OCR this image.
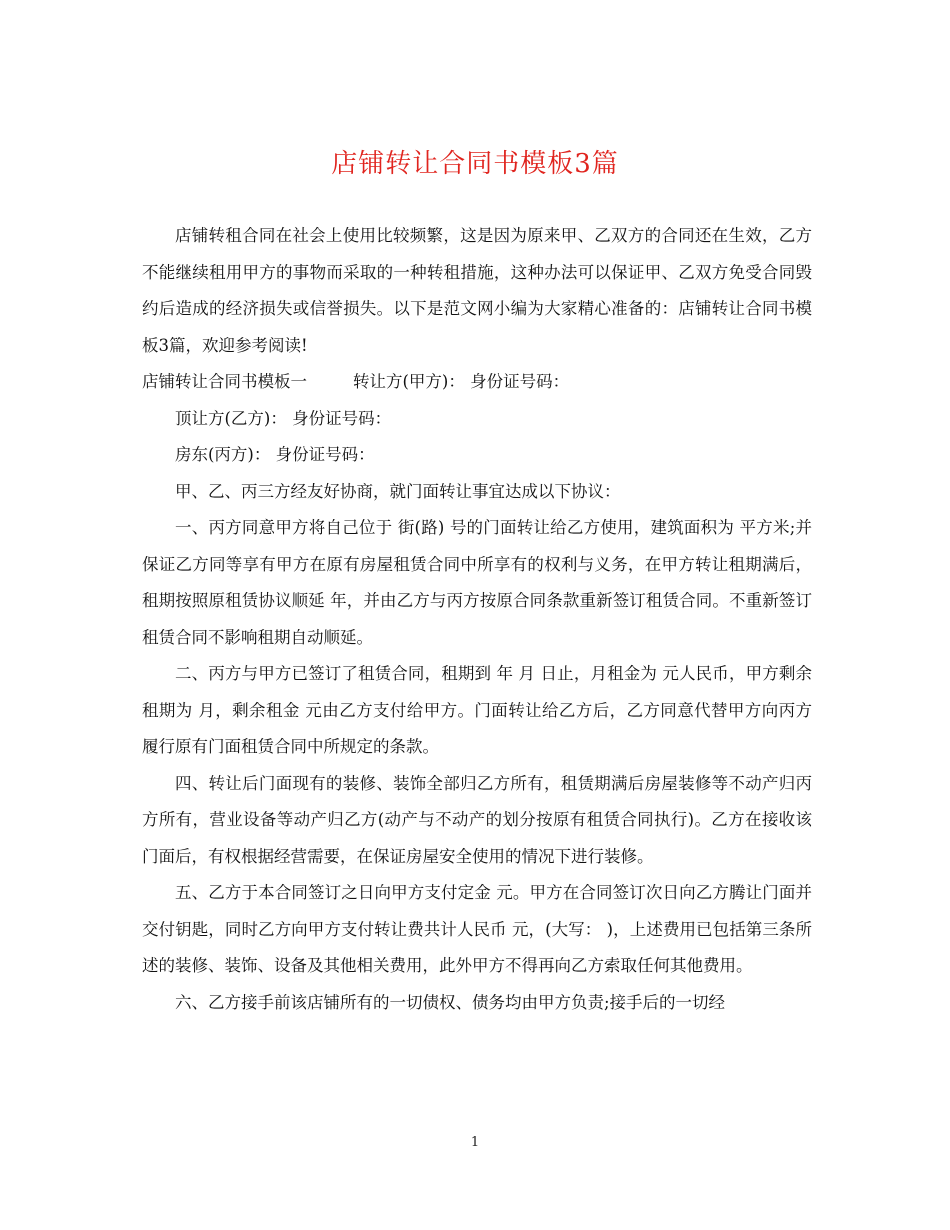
店铺转让合同书模板3篇

店铺转租合同在社会上使用比较频繁，这是因为原来甲、乙双方的合同还在生效，乙方不能继续租用甲方的事物而采取的一种转租措施，这种办法可以保证甲、乙双方免受合同毁约后造成的经济损失或信誉损失。以下是范文网小编为大家精心准备的：店铺转让合同书模板3篇，欢迎参考阅读!

店铺转让合同书模板一	转让方(甲方)： 身份证号码：

顶让方(乙方)： 身份证号码：

房东(丙方)： 身份证号码：

甲、乙、丙三方经友好协商，就门面转让事宜达成以下协议：

一、丙方同意甲方将自己位于 街(路) 号的门面转让给乙方使用，建筑面积为 平方米;并保证乙方同等享有甲方在原有房屋租赁合同中所享有的权利与义务，在甲方转让租期满后，租期按照原租赁协议顺延 年，并由乙方与丙方按原合同条款重新签订租赁合同。不重新签订租赁合同不影响租期自动顺延。

二、丙方与甲方已签订了租赁合同，租期到 年 月 日止，月租金为 元人民币，甲方剩余租期为 月，剩余租金 元由乙方支付给甲方。门面转让给乙方后，乙方同意代替甲方向丙方履行原有门面租赁合同中所规定的条款。

四、转让后门面现有的装修、装饰全部归乙方所有，租赁期满后房屋装修等不动产归丙方所有，营业设备等动产归乙方(动产与不动产的划分按原有租赁合同执行)。乙方在接收该门面后，有权根据经营需要，在保证房屋安全使用的情况下进行装修。

五、乙方于本合同签订之日向甲方支付定金 元。甲方在合同签订次日向乙方腾让门面并交付钥匙，同时乙方向甲方支付转让费共计人民币 元，(大写： )，上述费用已包括第三条所述的装修、装饰、设备及其他相关费用，此外甲方不得再向乙方索取任何其他费用。

六、乙方接手前该店铺所有的一切债权、债务均由甲方负责;接手后的一切经

1
